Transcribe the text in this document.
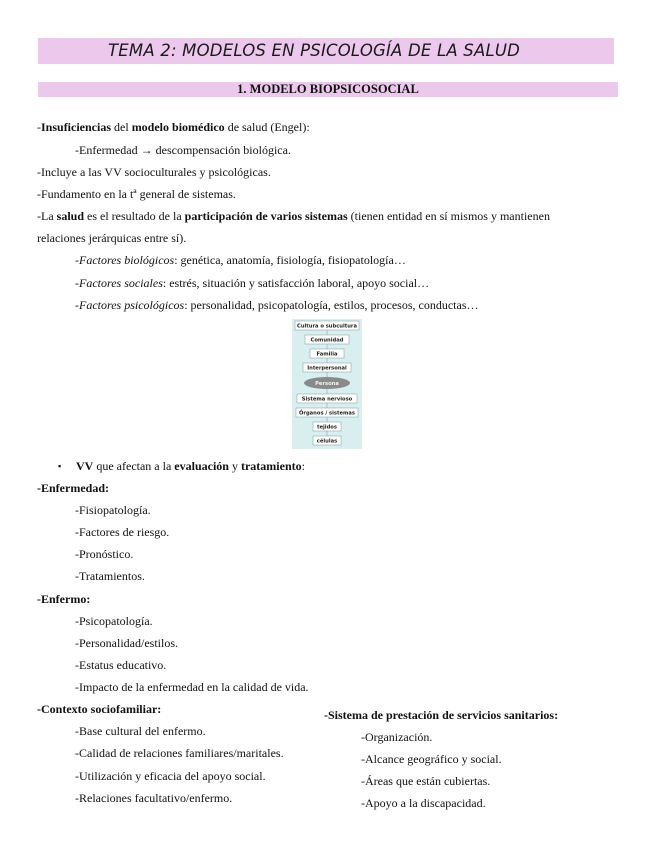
TEMA 2: MODELOS EN PSICOLOGÍA DE LA SALUD
1. MODELO BIOPSICOSOCIAL
-Insuficiencias del modelo biomédico de salud (Engel):
-Enfermedad → descompensación biológica.
-Incluye a las VV socioculturales y psicológicas.
-Fundamento en la tª general de sistemas.
-La salud es el resultado de la participación de varios sistemas (tienen entidad en sí mismos y mantienen
relaciones jerárquicas entre sí).
-Factores biológicos: genética, anatomía, fisiología, fisiopatología…
-Factores sociales: estrés, situación y satisfacción laboral, apoyo social…
-Factores psicológicos: personalidad, psicopatología, estilos, procesos, conductas…
Cultura o subcultura
Comunidad
Familia
Interpersonal
Persona
Sistema nervioso
Órganos / sistemas
tejidos
células
▪ VV que afectan a la evaluación y tratamiento:
-Enfermedad:
-Fisiopatología.
-Factores de riesgo.
-Pronóstico.
-Tratamientos.
-Enfermo:
-Psicopatología.
-Personalidad/estilos.
-Estatus educativo.
-Impacto de la enfermedad en la calidad de vida.
-Contexto sociofamiliar:
-Base cultural del enfermo.
-Calidad de relaciones familiares/maritales.
-Utilización y eficacia del apoyo social.
-Relaciones facultativo/enfermo.
-Sistema de prestación de servicios sanitarios:
-Organización.
-Alcance geográfico y social.
-Áreas que están cubiertas.
-Apoyo a la discapacidad.
